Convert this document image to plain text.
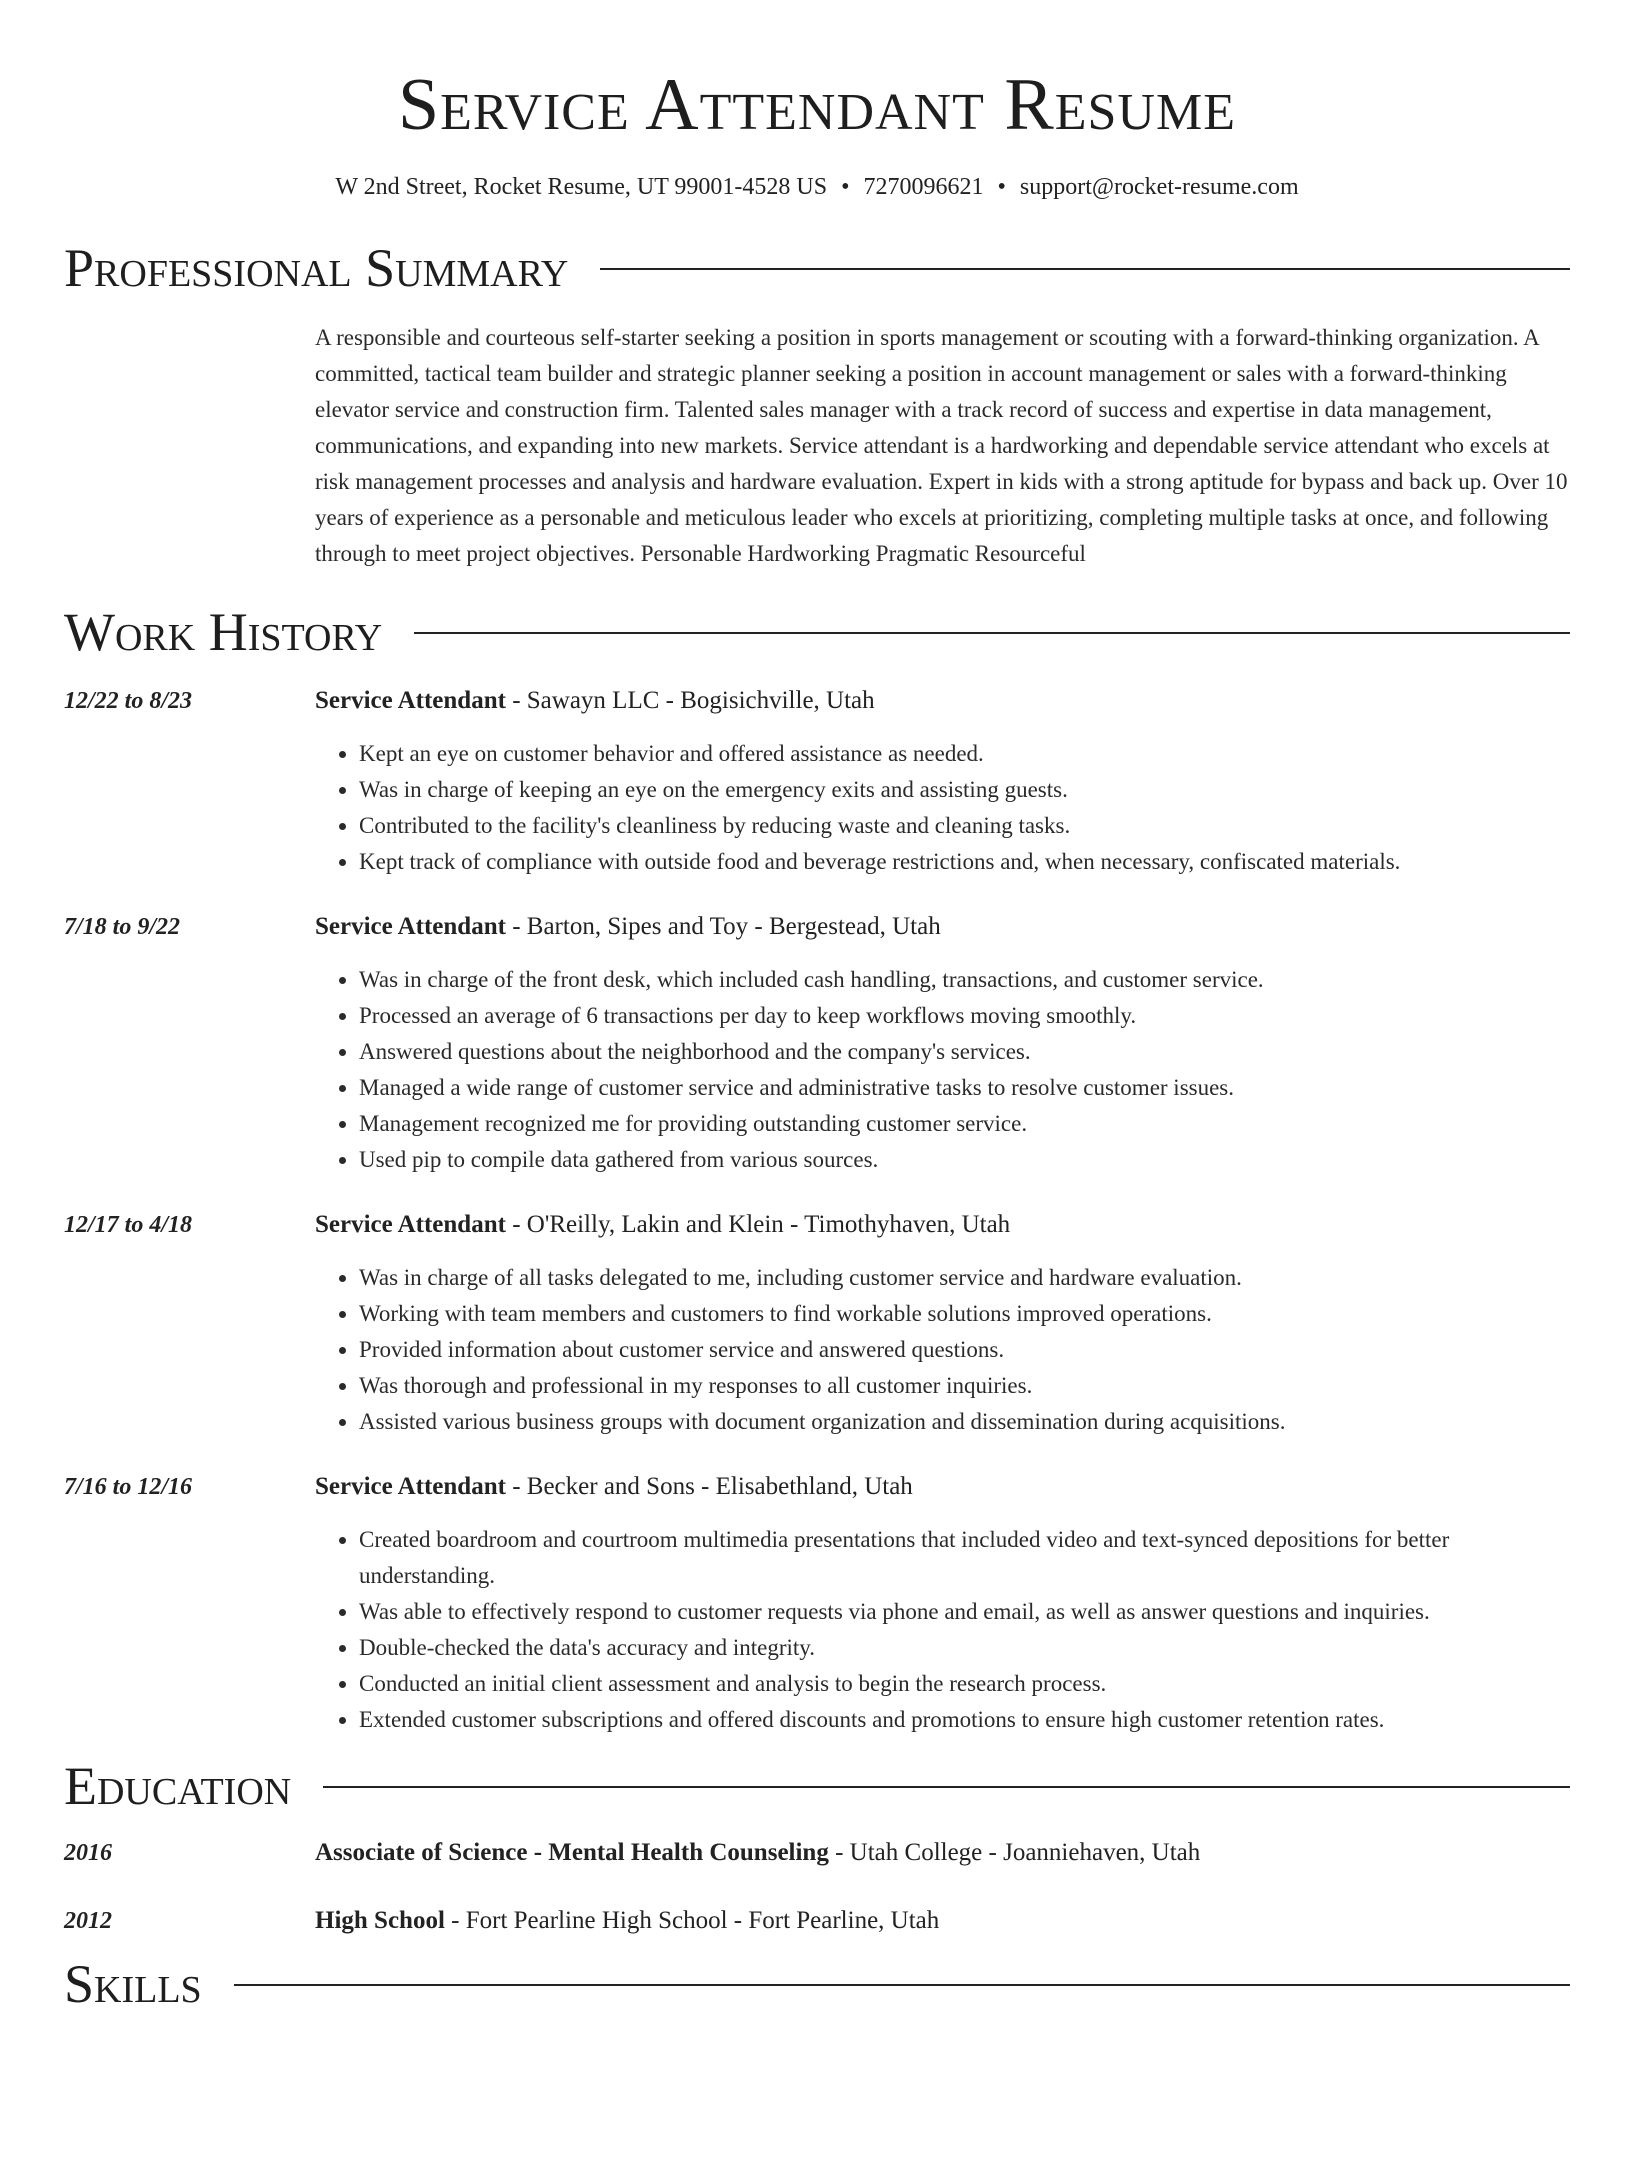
Service Attendant Resume
W 2nd Street, Rocket Resume, UT 99001-4528 US • 7270096621 • support@rocket-resume.com
Professional Summary

A responsible and courteous self-starter seeking a position in sports management or scouting with a forward-thinking organization. A committed, tactical team builder and strategic planner seeking a position in account management or sales with a forward-thinking elevator service and construction firm. Talented sales manager with a track record of success and expertise in data management, communications, and expanding into new markets. Service attendant is a hardworking and dependable service attendant who excels at risk management processes and analysis and hardware evaluation. Expert in kids with a strong aptitude for bypass and back up. Over 10 years of experience as a personable and meticulous leader who excels at prioritizing, completing multiple tasks at once, and following through to meet project objectives. Personable Hardworking Pragmatic Resourceful

Work History
12/22 to 8/23	Service Attendant - Sawayn LLC - Bogisichville, Utah
• Kept an eye on customer behavior and offered assistance as needed.
• Was in charge of keeping an eye on the emergency exits and assisting guests.
• Contributed to the facility's cleanliness by reducing waste and cleaning tasks.
• Kept track of compliance with outside food and beverage restrictions and, when necessary, confiscated materials.
7/18 to 9/22	Service Attendant - Barton, Sipes and Toy - Bergestead, Utah
• Was in charge of the front desk, which included cash handling, transactions, and customer service.
• Processed an average of 6 transactions per day to keep workflows moving smoothly.
• Answered questions about the neighborhood and the company's services.
• Managed a wide range of customer service and administrative tasks to resolve customer issues.
• Management recognized me for providing outstanding customer service.
• Used pip to compile data gathered from various sources.
12/17 to 4/18	Service Attendant - O'Reilly, Lakin and Klein - Timothyhaven, Utah
• Was in charge of all tasks delegated to me, including customer service and hardware evaluation.
• Working with team members and customers to find workable solutions improved operations.
• Provided information about customer service and answered questions.
• Was thorough and professional in my responses to all customer inquiries.
• Assisted various business groups with document organization and dissemination during acquisitions.
7/16 to 12/16	Service Attendant - Becker and Sons - Elisabethland, Utah
• Created boardroom and courtroom multimedia presentations that included video and text-synced depositions for better understanding.
• Was able to effectively respond to customer requests via phone and email, as well as answer questions and inquiries.
• Double-checked the data's accuracy and integrity.
• Conducted an initial client assessment and analysis to begin the research process.
• Extended customer subscriptions and offered discounts and promotions to ensure high customer retention rates.
Education
2016	Associate of Science - Mental Health Counseling - Utah College - Joanniehaven, Utah
2012	High School - Fort Pearline High School - Fort Pearline, Utah
Skills
